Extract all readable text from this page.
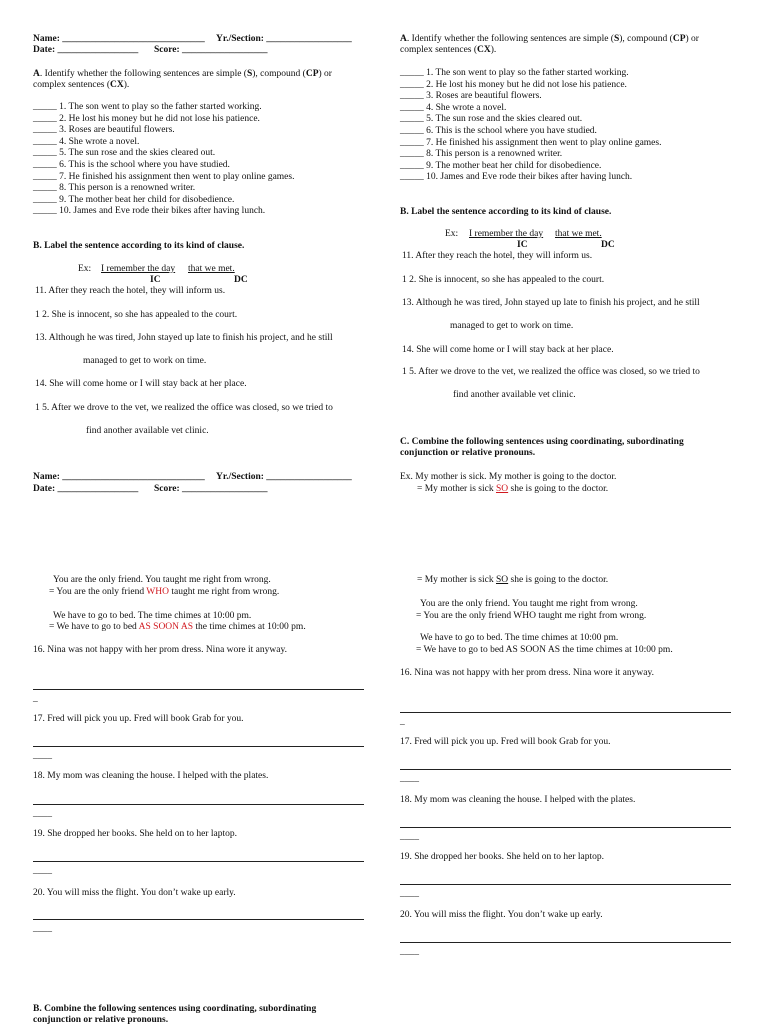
Name: ______________________________ Yr./Section: __________________
Date: _________________ Score: __________________
A. Identify whether the following sentences are simple (S), compound (CP) or
complex sentences (CX).
_____ 1. The son went to play so the father started working.
_____ 2. He lost his money but he did not lose his patience.
_____ 3. Roses are beautiful flowers.
_____ 4. She wrote a novel.
_____ 5. The sun rose and the skies cleared out.
_____ 6. This is the school where you have studied.
_____ 7. He finished his assignment then went to play online games.
_____ 8. This person is a renowned writer.
_____ 9. The mother beat her child for disobedience.
_____ 10. James and Eve rode their bikes after having lunch.
B. Label the sentence according to its kind of clause.
Ex: I remember the day that we met.
IC	DC
11. After they reach the hotel, they will inform us.
1 2. She is innocent, so she has appealed to the court.
13. Although he was tired, John stayed up late to finish his project, and he still
managed to get to work on time.
14. She will come home or I will stay back at her place.
1 5. After we drove to the vet, we realized the office was closed, so we tried to
find another available vet clinic.
Name: ______________________________ Yr./Section: __________________
Date: _________________ Score: __________________
You are the only friend. You taught me right from wrong.
= You are the only friend WHO taught me right from wrong.
We have to go to bed. The time chimes at 10:00 pm.
= We have to go to bed AS SOON AS the time chimes at 10:00 pm.
16. Nina was not happy with her prom dress. Nina wore it anyway.
_
17. Fred will pick you up. Fred will book Grab for you.
____
18. My mom was cleaning the house. I helped with the plates.
____
19. She dropped her books. She held on to her laptop.
____
20. You will miss the flight. You don’t wake up early.
____
B. Combine the following sentences using coordinating, subordinating
conjunction or relative pronouns.
A. Identify whether the following sentences are simple (S), compound (CP) or
complex sentences (CX).
_____ 1. The son went to play so the father started working.
_____ 2. He lost his money but he did not lose his patience.
_____ 3. Roses are beautiful flowers.
_____ 4. She wrote a novel.
_____ 5. The sun rose and the skies cleared out.
_____ 6. This is the school where you have studied.
_____ 7. He finished his assignment then went to play online games.
_____ 8. This person is a renowned writer.
_____ 9. The mother beat her child for disobedience.
_____ 10. James and Eve rode their bikes after having lunch.
B. Label the sentence according to its kind of clause.
Ex: I remember the day that we met.
IC	DC
11. After they reach the hotel, they will inform us.
1 2. She is innocent, so she has appealed to the court.
13. Although he was tired, John stayed up late to finish his project, and he still
managed to get to work on time.
14. She will come home or I will stay back at her place.
1 5. After we drove to the vet, we realized the office was closed, so we tried to
find another available vet clinic.
C. Combine the following sentences using coordinating, subordinating
conjunction or relative pronouns.
Ex. My mother is sick. My mother is going to the doctor.
= My mother is sick SO she is going to the doctor.
= My mother is sick SO she is going to the doctor.
You are the only friend. You taught me right from wrong.
= You are the only friend WHO taught me right from wrong.
We have to go to bed. The time chimes at 10:00 pm.
= We have to go to bed AS SOON AS the time chimes at 10:00 pm.
16. Nina was not happy with her prom dress. Nina wore it anyway.
_
17. Fred will pick you up. Fred will book Grab for you.
____
18. My mom was cleaning the house. I helped with the plates.
____
19. She dropped her books. She held on to her laptop.
____
20. You will miss the flight. You don’t wake up early.
____
